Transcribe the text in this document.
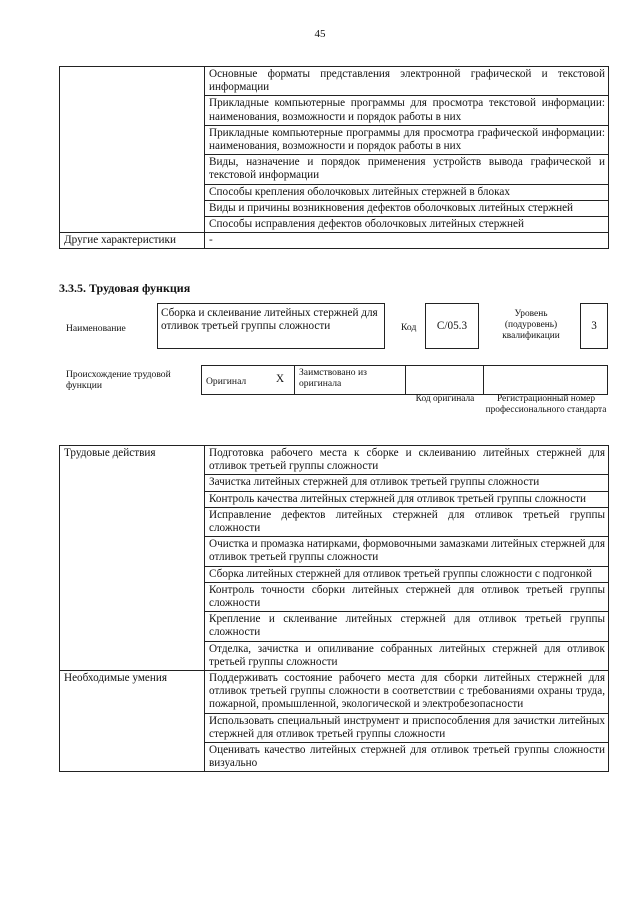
45
	Основные форматы представления электронной графической и текстовой информации
	Прикладные компьютерные программы для просмотра текстовой информации: наименования, возможности и порядок работы в них
	Прикладные компьютерные программы для просмотра графической информации: наименования, возможности и порядок работы в них
	Виды, назначение и порядок применения устройств вывода графической и текстовой информации
	Способы крепления оболочковых литейных стержней в блоках
	Виды и причины возникновения дефектов оболочковых литейных стержней
	Способы исправления дефектов оболочковых литейных стержней
Другие характеристики	-
3.3.5. Трудовая функция
Наименование
Сборка и склеивание литейных стержней для отливок третьей группы сложности	Код	С/05.3
Уровень (подуровень) квалификации
3
Происхождение трудовой функции	Оригинал	Х
Заимствовано из оригинала
Код оригинала	Регистрационный номер профессионального стандарта
Трудовые действия	Подготовка рабочего места к сборке и склеиванию литейных стержней для отливок третьей группы сложности
	Зачистка литейных стержней для отливок третьей группы сложности
	Контроль качества литейных стержней для отливок третьей группы сложности
	Исправление дефектов литейных стержней для отливок третьей группы сложности
	Очистка и промазка натирками, формовочными замазками литейных стержней для отливок третьей группы сложности
	Сборка литейных стержней для отливок третьей группы сложности с подгонкой
	Контроль точности сборки литейных стержней для отливок третьей группы сложности
	Крепление и склеивание литейных стержней для отливок третьей группы сложности
	Отделка, зачистка и опиливание собранных литейных стержней для отливок третьей группы сложности
Необходимые умения	Поддерживать состояние рабочего места для сборки литейных стержней для отливок третьей группы сложности в соответствии с требованиями охраны труда, пожарной, промышленной, экологической и электробезопасности
	Использовать специальный инструмент и приспособления для зачистки литейных стержней для отливок третьей группы сложности
	Оценивать качество литейных стержней для отливок третьей группы сложности визуально
